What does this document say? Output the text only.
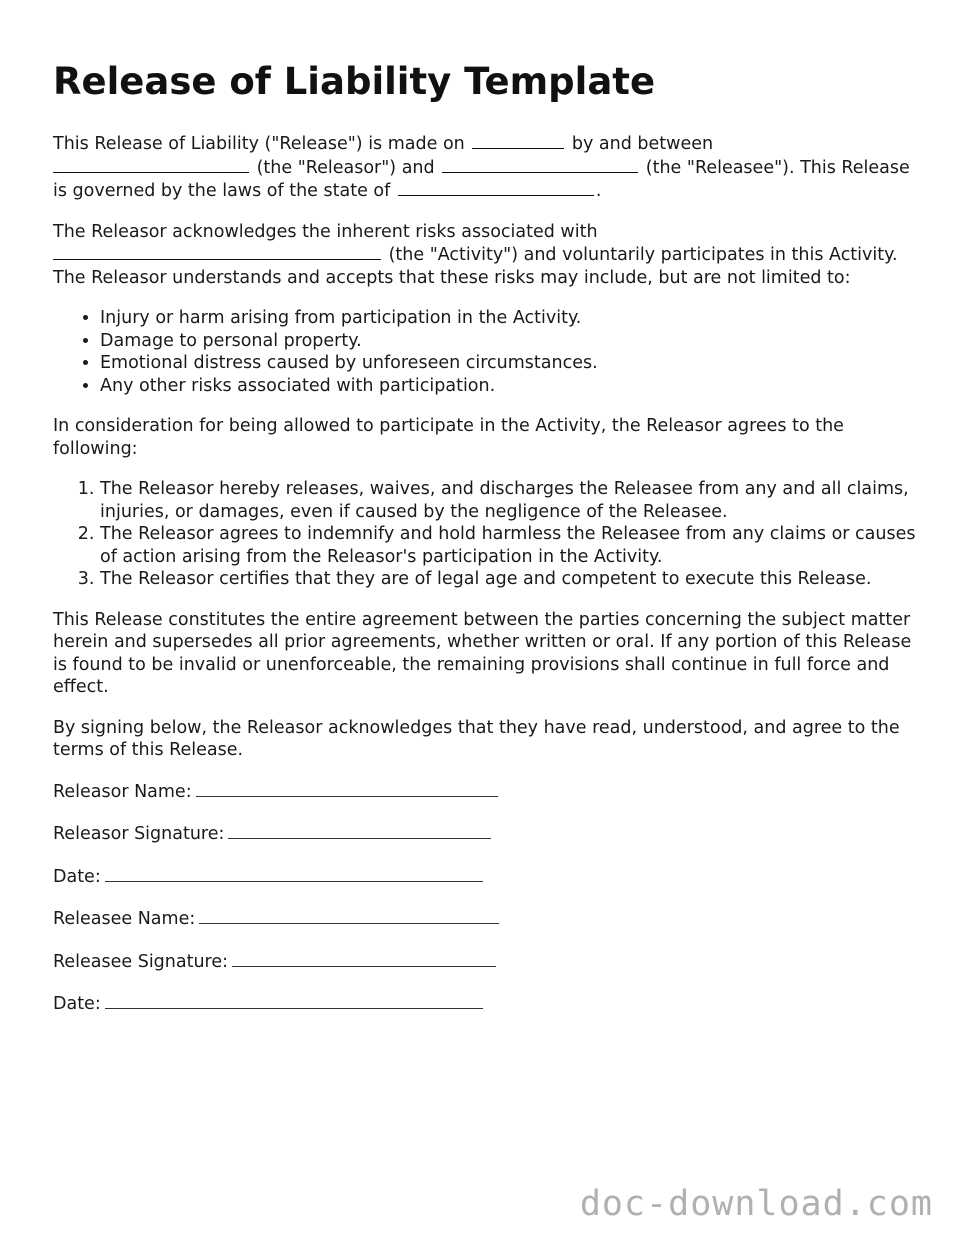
Release of Liability Template

This Release of Liability ("Release") is made on	by and between
(the "Releasor") and	(the "Releasee"). This Release is governed by the laws of the state of	.

The Releasor acknowledges the inherent risks associated with
(the "Activity") and voluntarily participates in this Activity. The Releasor understands and accepts that these risks may include, but are not limited to:

• Injury or harm arising from participation in the Activity.
• Damage to personal property.
• Emotional distress caused by unforeseen circumstances.
• Any other risks associated with participation.

In consideration for being allowed to participate in the Activity, the Releasor agrees to the following:

1. The Releasor hereby releases, waives, and discharges the Releasee from any and all claims, injuries, or damages, even if caused by the negligence of the Releasee.
2. The Releasor agrees to indemnify and hold harmless the Releasee from any claims or causes of action arising from the Releasor's participation in the Activity.
3. The Releasor certifies that they are of legal age and competent to execute this Release.

This Release constitutes the entire agreement between the parties concerning the subject matter herein and supersedes all prior agreements, whether written or oral. If any portion of this Release is found to be invalid or unenforceable, the remaining provisions shall continue in full force and effect.

By signing below, the Releasor acknowledges that they have read, understood, and agree to the terms of this Release.

Releasor Name:
Releasor Signature:
Date:
Releasee Name:
Releasee Signature:
Date:
doc-download.com
